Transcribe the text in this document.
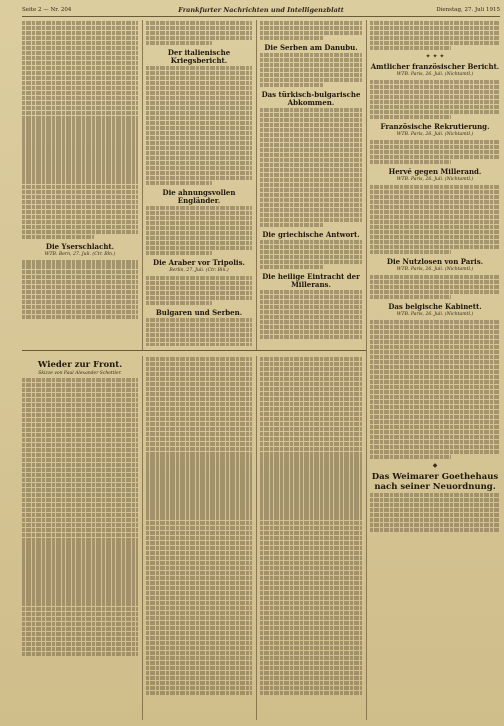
Seite 2 — Nr. 204	Frankfurter Nachrichten und Intelligenzblatt	Dienstag, 27. Juli 1915
Die Yserschlacht.
WTB. Bern, 27. Juli. (Ctr. Bln.)
Der italienische Kriegsbericht.
Die ahnungsvollen Engländer.
Die Araber vor Tripolis.
Berlin, 27. Juli. (Ctr. Bln.)
Bulgaren und Serben.
Die Serben am Danubu.
Das türkisch-bulgarische Abkommen.
Die griechische Antwort.
Die heilige Eintracht der Millerans.
✦ ✦ ✦
Amtlicher französischer Bericht.
WTB. Paris, 26. Juli. (Nichtamtl.)
Französische Rekrutierung.
WTB. Paris, 26. Juli. (Nichtamtl.)
Hervé gegen Millerand.
WTB. Paris, 26. Juli. (Nichtamtl.)
Die Nutzlosen von Paris.
WTB. Paris, 26. Juli. (Nichtamtl.)
Das belgische Kabinett.
WTB. Paris, 26. Juli. (Nichtamtl.)
◆
Das Weimarer Goethehaus nach seiner Neuordnung.
Wieder zur Front.
Skizze von Paul Alexander Schettler.
